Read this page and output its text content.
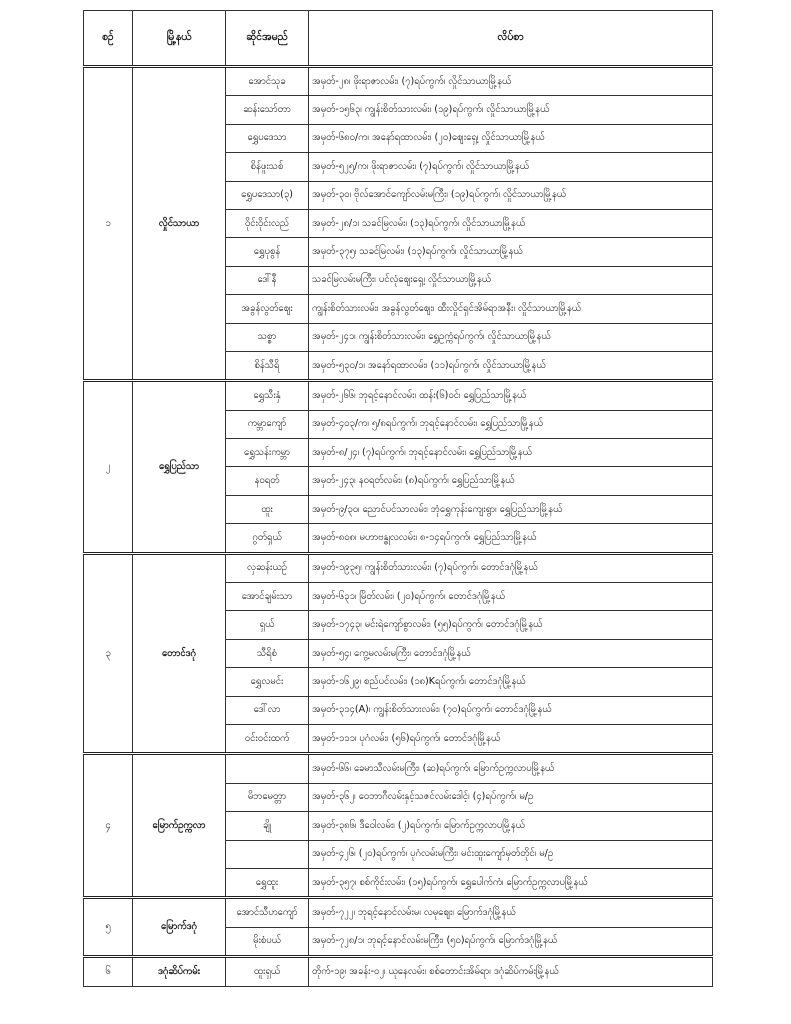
စဉ်	မြို့နယ်	ဆိုင်အမည်	လိပ်စာ
၁	လှိုင်သာယာ	အောင်သုခ	အမှတ်-၂၈၊ ဖိုးရာဇာလမ်း၊ (၇)ရပ်ကွက်၊ လှိုင်သာယာမြို့နယ်
		ဆန်းသော်တာ	အမှတ်-၁၅၆၃၊ ကျွန်းစိတ်သားလမ်း၊ (၁၉)ရပ်ကွက်၊ လှိုင်သာယာမြို့နယ်
		ရွှေပဒေသာ	အမှတ်-၆၈၀/က၊ အနော်ရထာလမ်း၊ (၂၀)ဈေးရှေ့၊ လှိုင်သာယာမြို့နယ်
		စိန်ဖူးသစ်	အမှတ်-၅၂၅/က၊ ဖိုးရာဇာလမ်း၊ (၇)ရပ်ကွက်၊ လှိုင်သာယာမြို့နယ်
		ရွှေပဒေသာ(၃)	အမှတ်-၃၀၊ ဗိုလ်အောင်ကျော်လမ်းမကြီး၊ (၁၉)ရပ်ကွက်၊ လှိုင်သာယာမြို့နယ်
		ဝိုင်းဝိုင်းလည်	အမှတ်-၂၈/၁၊ သခင်မြလမ်း၊ (၁၃)ရပ်ကွက်၊ လှိုင်သာယာမြို့နယ်
		ရွှေပုစွန်	အမှတ်-၃၇၅၊ သခင်မြလမ်း၊ (၁၃)ရပ်ကွက်၊ လှိုင်သာယာမြို့နယ်
		ဒေါ်နီ	သခင်မြလမ်းမကြီး၊ ပင်လုံဈေးရှေ့၊ လှိုင်သာယာမြို့နယ်
		အခွန်လွတ်ဈေး	ကျွန်းစိတ်သားလမ်း၊ အခွန်လွတ်ဈေး၊ ထီးလှိုင်ရှင်အိမ်ရာအနီး၊ လှိုင်သာယာမြို့နယ်
		သစ္စာ	အမှတ်-၂၄၁၊ ကျွန်းစိတ်သားလမ်း၊ ရွှေဥက္ကံရပ်ကွက်၊ လှိုင်သာယာမြို့နယ်
		စိန်သီရိ	အမှတ်-၅၃၀/၁၊ အနော်ရထာလမ်း၊ (၁၁)ရပ်ကွက်၊ လှိုင်သာယာမြို့နယ်
၂	ရွှေပြည်သာ	ရွှေသီးနှံ	အမှတ်-၂၆၆၊ ဘုရင့်နောင်လမ်း၊ ထန်း(၆)ဝင်၊ ရွှေပြည်သာမြို့နယ်
		ကမ္ဘာကျော်	အမှတ်-၄၀၃/က၊ ၅/၈ရပ်ကွက်၊ ဘုရင့်နောင်လမ်း၊ ရွှေပြည်သာမြို့နယ်
		ရွှေသန်းကမ္ဘာ	အမှတ်-၈/၂၄၊ (၇)ရပ်ကွက်၊ ဘုရင့်နောင်လမ်း၊ ရွှေပြည်သာမြို့နယ်
		နဝရတ်	အမှတ်-၂၄၃၊ နဝရတ်လမ်း၊ (၈)ရပ်ကွက်၊ ရွှေပြည်သာမြို့နယ်
		ထူး	အမှတ်-၉/၃၀၊ ညောင်ပင်သာလမ်း၊ ဘုံရွှေကုန်းကျေးရွာ၊ ရွှေပြည်သာမြို့နယ်
		ဂွတ်ရှယ်	အမှတ်-၈၀၈၊ မဟာဗန္ဓုလလမ်း၊ ၈-၁၄ရပ်ကွက်၊ ရွှေပြည်သာမြို့နယ်
၃	တောင်ဒဂုံ	လှဆန်းယဉ်	အမှတ်-၁၉၃၅၊ ကျွန်းစိတ်သားလမ်း၊ (၇)ရပ်ကွက်၊ တောင်ဒဂုံမြို့နယ်
		အောင်ချမ်းသာ	အမှတ်-၆၃၁၊ မြိတ်လမ်း၊ (၂၀)ရပ်ကွက်၊ တောင်ဒဂုံမြို့နယ်
		ရှယ်	အမှတ်-၁၇၄၃၊ မင်းရဲကျော်စွာလမ်း၊ (၅၅)ရပ်ကွက်၊ တောင်ဒဂုံမြို့နယ်
		သီရိစံ	အမှတ်-၅၄၊ ကွေ့မလမ်းမကြီး၊ တောင်ဒဂုံမြို့နယ်
		ရွှေလမင်း	အမှတ်-၁၆၂၉၊ စည်ပင်လမ်း၊ (၁၈)Kရပ်ကွက်၊ တောင်ဒဂုံမြို့နယ်
		ဒေါ်လာ	အမှတ်-၃၁၄(A)၊ ကျွန်းစိတ်သားလမ်း၊ (၇၀)ရပ်ကွက်၊ တောင်ဒဂုံမြို့နယ်
		ဝင်းဝင်းထက်	အမှတ်-၁၁၁၊ ပုဂံလမ်း၊ (၅၆)ရပ်ကွက်၊ တောင်ဒဂုံမြို့နယ်
၄	မြောက်ဥက္ကလာ		အမှတ်-၆၆၊ ခေမာသီလမ်းမကြီး၊ (ဆ)ရပ်ကွက်၊ မြောက်ဥက္ကလာပမြို့နယ်
		မိဘမေတ္တာ	အမှတ်-၃၆၂၊ ဝေဘာဂီလမ်းနှင့်သဇင်လမ်းဒေါင့်၊ (၄)ရပ်ကွက်၊ မ/ဥ
		ချို	အမှတ်-၃၈၆၊ ဒီဝေါလမ်း၊ (၂)ရပ်ကွက်၊ မြောက်ဥက္ကလာပမြို့နယ်
			အမှတ်-၄၂၆၊ (၂၀)ရပ်ကွက်၊ ပုဂံလမ်းမကြီး၊ မင်းထူးကျော်မှတ်တိုင်၊ မ/ဥ
		ရွှေထူး	အမှတ်-၃၅၇၊ စစ်ကိုင်းလမ်း၊ (၁၅)ရပ်ကွက်၊ ရွှေပေါက်ကံ၊ မြောက်ဥက္ကလာပမြို့နယ်
၅	မြောက်ဒဂုံ	အောင်သီဟကျော်	အမှတ်-၇၂၂၊ ဘုရင့်နောင်လမ်းမ၊ လမုဈေး၊ မြောက်ဒဂုံမြို့နယ်
		မိုးစံပယ်	အမှတ်-၇၂၈/၁၊ ဘုရင့်နောင်လမ်းမကြီး၊ (၅၀)ရပ်ကွက်၊ မြောက်ဒဂုံမြို့နယ်
၆	ဒဂုံဆိပ်ကမ်း	ထူးရှယ်	တိုက်-၁၉၊ အခန်း-၀၂၊ ယုနေလမ်း၊ စစ်တောင်းအိမ်ရာ၊ ဒဂုံဆိပ်ကမ်းမြို့နယ်
